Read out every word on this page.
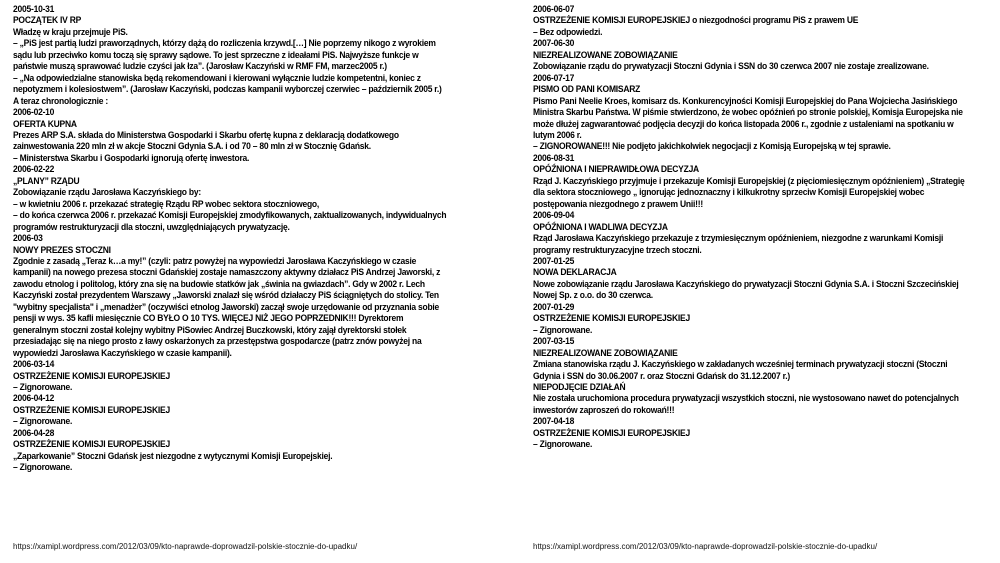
2005-10-31
POCZĄTEK IV RP
Władzę w kraju przejmuje PiS.
– „PiS jest partią ludzi praworządnych, którzy dążą do rozliczenia krzywd.[…] Nie poprzemy nikogo z wyrokiem
sądu lub przeciwko komu toczą się sprawy sądowe. To jest sprzeczne z ideałami PiS. Najwyższe funkcje w
państwie muszą sprawować ludzie czyści jak łza”. (Jarosław Kaczyński w RMF FM, marzec2005 r.)
– „Na odpowiedzialne stanowiska będą rekomendowani i kierowani wyłącznie ludzie kompetentni, koniec z
nepotyzmem i kolesiostwem”. (Jarosław Kaczyński, podczas kampanii wyborczej czerwiec – październik 2005 r.)
A teraz chronologicznie :
2006-02-10
OFERTA KUPNA
Prezes ARP S.A. składa do Ministerstwa Gospodarki i Skarbu ofertę kupna z deklaracją dodatkowego
zainwestowania 220 mln zł w akcje Stoczni Gdynia S.A. i od 70 – 80 mln zł w Stocznię Gdańsk.
– Ministerstwa Skarbu i Gospodarki ignorują ofertę inwestora.
2006-02-22
„PLANY” RZĄDU
Zobowiązanie rządu Jarosława Kaczyńskiego by:
– w kwietniu 2006 r. przekazać strategię Rządu RP wobec sektora stoczniowego,
– do końca czerwca 2006 r. przekazać Komisji Europejskiej zmodyfikowanych, zaktualizowanych, indywidualnych
programów restrukturyzacji dla stoczni, uwzględniających prywatyzację.
2006-03
NOWY PREZES STOCZNI
Zgodnie z zasadą „Teraz k…a my!” (czyli: patrz powyżej na wypowiedzi Jarosława Kaczyńskiego w czasie
kampanii) na nowego prezesa stoczni Gdańskiej zostaje namaszczony aktywny działacz PiS Andrzej Jaworski, z
zawodu etnolog i politolog, który zna się na budowie statków jak „świnia na gwiazdach”. Gdy w 2002 r. Lech
Kaczyński został prezydentem Warszawy „Jaworski znalazł się wśród działaczy PiS ściągniętych do stolicy. Ten
"wybitny specjalista" i „menadżer” (oczywiści etnolog Jaworski) zaczął swoje urzędowanie od przyznania sobie
pensji w wys. 35 kafli miesięcznie CO BYŁO O 10 TYS. WIĘCEJ NIŻ JEGO POPRZEDNIK!!! Dyrektorem
generalnym stoczni został kolejny wybitny PiSowiec Andrzej Buczkowski, który zajął dyrektorski stołek
przesiadając się na niego prosto z ławy oskarżonych za przestępstwa gospodarcze (patrz znów powyżej na
wypowiedzi Jarosława Kaczyńskiego w czasie kampanii).
2006-03-14
OSTRZEŻENIE KOMISJI EUROPEJSKIEJ
– Zignorowane.
2006-04-12
OSTRZEŻENIE KOMISJI EUROPEJSKIEJ
– Zignorowane.
2006-04-28
OSTRZEŻENIE KOMISJI EUROPEJSKIEJ
„Zaparkowanie” Stoczni Gdańsk jest niezgodne z wytycznymi Komisji Europejskiej.
– Zignorowane.
2006-06-07
OSTRZEŻENIE KOMISJI EUROPEJSKIEJ o niezgodności programu PiS z prawem UE
– Bez odpowiedzi.
2007-06-30
NIEZREALIZOWANE ZOBOWIĄZANIE
Zobowiązanie rządu do prywatyzacji Stoczni Gdynia i SSN do 30 czerwca 2007 nie zostaje zrealizowane.
2006-07-17
PISMO OD PANI KOMISARZ
Pismo Pani Neelie Kroes, komisarz ds. Konkurencyjności Komisji Europejskiej do Pana Wojciecha Jasińskiego
Ministra Skarbu Państwa. W piśmie stwierdzono, że wobec opóźnień po stronie polskiej, Komisja Europejska nie
może dłużej zagwarantować podjęcia decyzji do końca listopada 2006 r., zgodnie z ustaleniami na spotkaniu w
lutym 2006 r.
– ZIGNOROWANE!!! Nie podjęto jakichkolwiek negocjacji z Komisją Europejską w tej sprawie.
2006-08-31
OPÓŹNIONA I NIEPRAWIDŁOWA DECYZJA
Rząd J. Kaczyńskiego przyjmuje i przekazuje Komisji Europejskiej (z pięciomiesięcznym opóźnieniem) „Strategię
dla sektora stoczniowego „ ignorując jednoznaczny i kilkukrotny sprzeciw Komisji Europejskiej wobec
postępowania niezgodnego z prawem Unii!!!
2006-09-04
OPÓŹNIONA I WADLIWA DECYZJA
Rząd Jarosława Kaczyńskiego przekazuje z trzymiesięcznym opóźnieniem, niezgodne z warunkami Komisji
programy restrukturyzacyjne trzech stoczni.
2007-01-25
NOWA DEKLARACJA
Nowe zobowiązanie rządu Jarosława Kaczyńskiego do prywatyzacji Stoczni Gdynia S.A. i Stoczni Szczecińskiej
Nowej Sp. z o.o. do 30 czerwca.
2007-01-29
OSTRZEŻENIE KOMISJI EUROPEJSKIEJ
– Zignorowane.
2007-03-15
NIEZREALIZOWANE ZOBOWIĄZANIE
Zmiana stanowiska rządu J. Kaczyńskiego w zakładanych wcześniej terminach prywatyzacji stoczni (Stoczni
Gdynia i SSN do 30.06.2007 r. oraz Stoczni Gdańsk do 31.12.2007 r.)
NIEPODJĘCIE DZIAŁAŃ
Nie została uruchomiona procedura prywatyzacji wszystkich stoczni, nie wystosowano nawet do potencjalnych
inwestorów zaproszeń do rokowań!!!
2007-04-18
OSTRZEŻENIE KOMISJI EUROPEJSKIEJ
– Zignorowane.
https://xamipl.wordpress.com/2012/03/09/kto-naprawde-doprowadzil-polskie-stocznie-do-upadku/	https://xamipl.wordpress.com/2012/03/09/kto-naprawde-doprowadzil-polskie-stocznie-do-upadku/
